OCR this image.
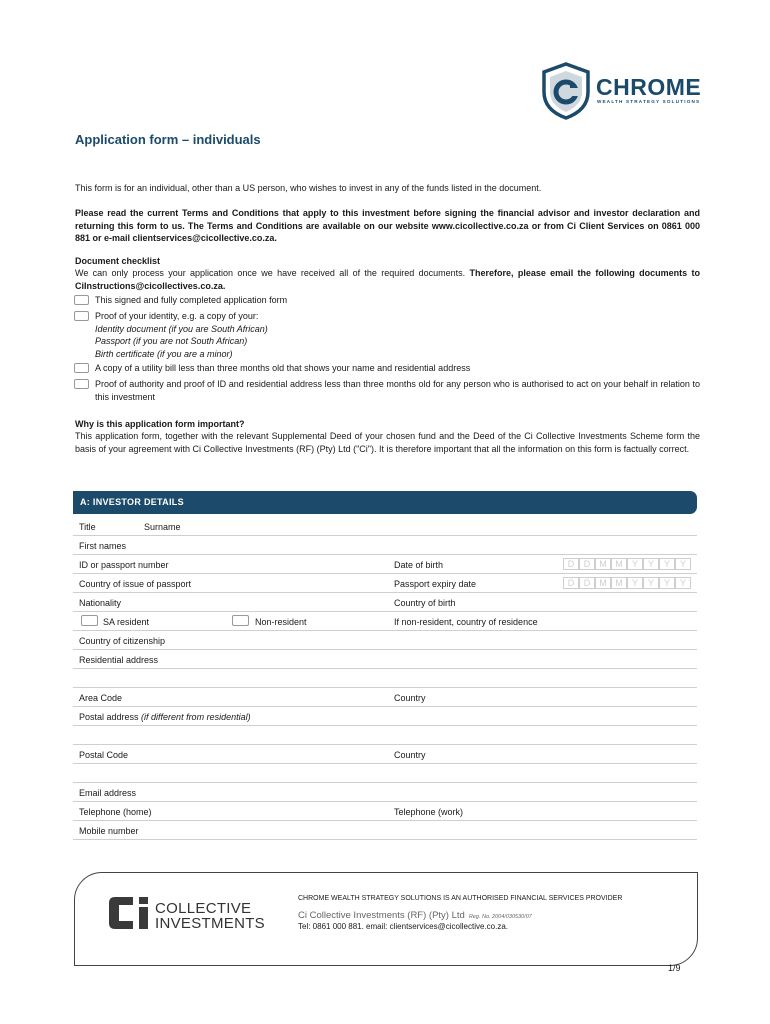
CHROME
WEALTH STRATEGY SOLUTIONS
Application form – individuals
This form is for an individual, other than a US person, who wishes to invest in any of the funds listed in the document.
Please read the current Terms and Conditions that apply to this investment before signing the financial advisor and investor declaration and returning this form to us. The Terms and Conditions are available on our website www.cicollective.co.za or from Ci Client Services on 0861 000 881 or e-mail clientservices@cicollective.co.za.
Document checklist
We can only process your application once we have received all of the required documents. Therefore, please email the following documents to CiInstructions@cicollectives.co.za.
This signed and fully completed application form
Proof of your identity, e.g. a copy of your:
Identity document (if you are South African)
Passport (if you are not South African)
Birth certificate (if you are a minor)
A copy of a utility bill less than three months old that shows your name and residential address
Proof of authority and proof of ID and residential address less than three months old for any person who is authorised to act on your behalf in relation to this investment
Why is this application form important?
This application form, together with the relevant Supplemental Deed of your chosen fund and the Deed of the Ci Collective Investments Scheme form the basis of your agreement with Ci Collective Investments (RF) (Pty) Ltd ("Ci"). It is therefore important that all the information on this form is factually correct.
A: INVESTOR DETAILS
Title	Surname
First names
ID or passport number	Date of birth	D	D	M M	Y	Y	Y	Y
Country of issue of passport	Passport expiry date	D	D	M M	Y	Y	Y	Y
Nationality	Country of birth
SA resident	Non-resident	If non-resident, country of residence
Country of citizenship
Residential address
Area Code	Country
Postal address (if different from residential)
Postal Code	Country
Email address
Telephone (home)	Telephone (work)
Mobile number
COLLECTIVE
INVESTMENTS
CHROME WEALTH STRATEGY SOLUTIONS IS AN AUTHORISED FINANCIAL SERVICES PROVIDER
Ci Collective Investments (RF) (Pty) Ltd Reg. No. 2004/030530/07
Tel: 0861 000 881. email: clientservices@cicollective.co.za.
1/9
